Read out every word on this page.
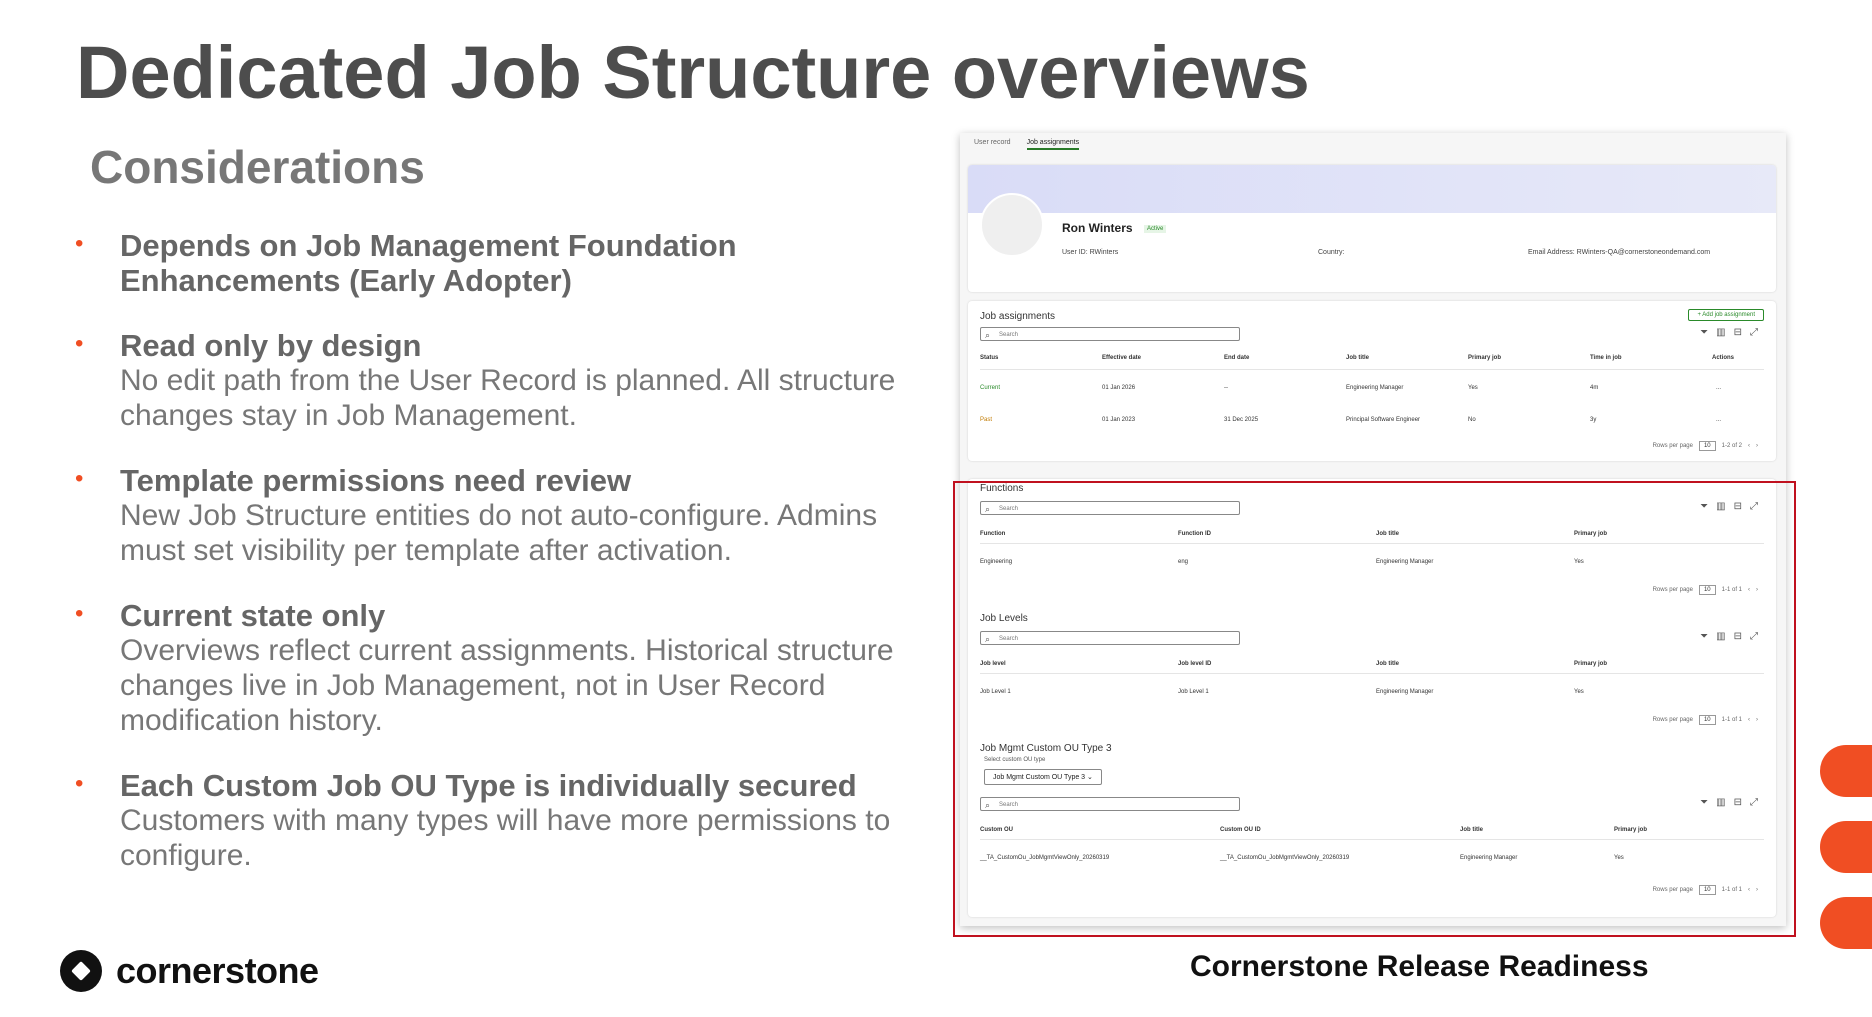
Dedicated Job Structure overviews
Considerations
• Depends on Job Management Foundation Enhancements (Early Adopter)
• Read only by design
No edit path from the User Record is planned. All structure changes stay in Job Management.
• Template permissions need review
New Job Structure entities do not auto-configure. Admins must set visibility per template after activation.
• Current state only
Overviews reflect current assignments. Historical structure changes live in Job Management, not in User Record modification history.
• Each Custom Job OU Type is individually secured
Customers with many types will have more permissions to configure.
cornerstone	Cornerstone Release Readiness
User record Job assignments
Ron Winters	Active
User ID: RWinters	Country:	Email Address: RWinters-QA@cornerstoneondemand.com
Job assignments	+ Add job assignment
⌕ Search	⏷ ▥ ⊟ ⤢
Status	Effective date	End date	Job title	Primary job	Time in job	Actions
Current	01 Jan 2026	--	Engineering Manager	Yes	4m	...
Past	01 Jan 2023	31 Dec 2025	Principal Software Engineer	No	3y	...
Rows per page	10	1-2 of 2 ‹ ›
Functions
⌕ Search	⏷ ▥ ⊟ ⤢
Function	Function ID	Job title	Primary job
Engineering	eng	Engineering Manager	Yes
Rows per page	10	1-1 of 1 ‹ ›
Job Levels
⌕ Search	⏷ ▥ ⊟ ⤢
Job level	Job level ID	Job title	Primary job
Job Level 1	Job Level 1	Engineering Manager	Yes
Rows per page	10	1-1 of 1 ‹ ›
Job Mgmt Custom OU Type 3
Select custom OU type
Job Mgmt Custom OU Type 3 ⌄
⌕ Search	⏷ ▥ ⊟ ⤢
Custom OU	Custom OU ID	Job title	Primary job
__TA_CustomOu_JobMgmtViewOnly_20260319	__TA_CustomOu_JobMgmtViewOnly_20260319	Engineering Manager	Yes
Rows per page	10	1-1 of 1 ‹ ›
